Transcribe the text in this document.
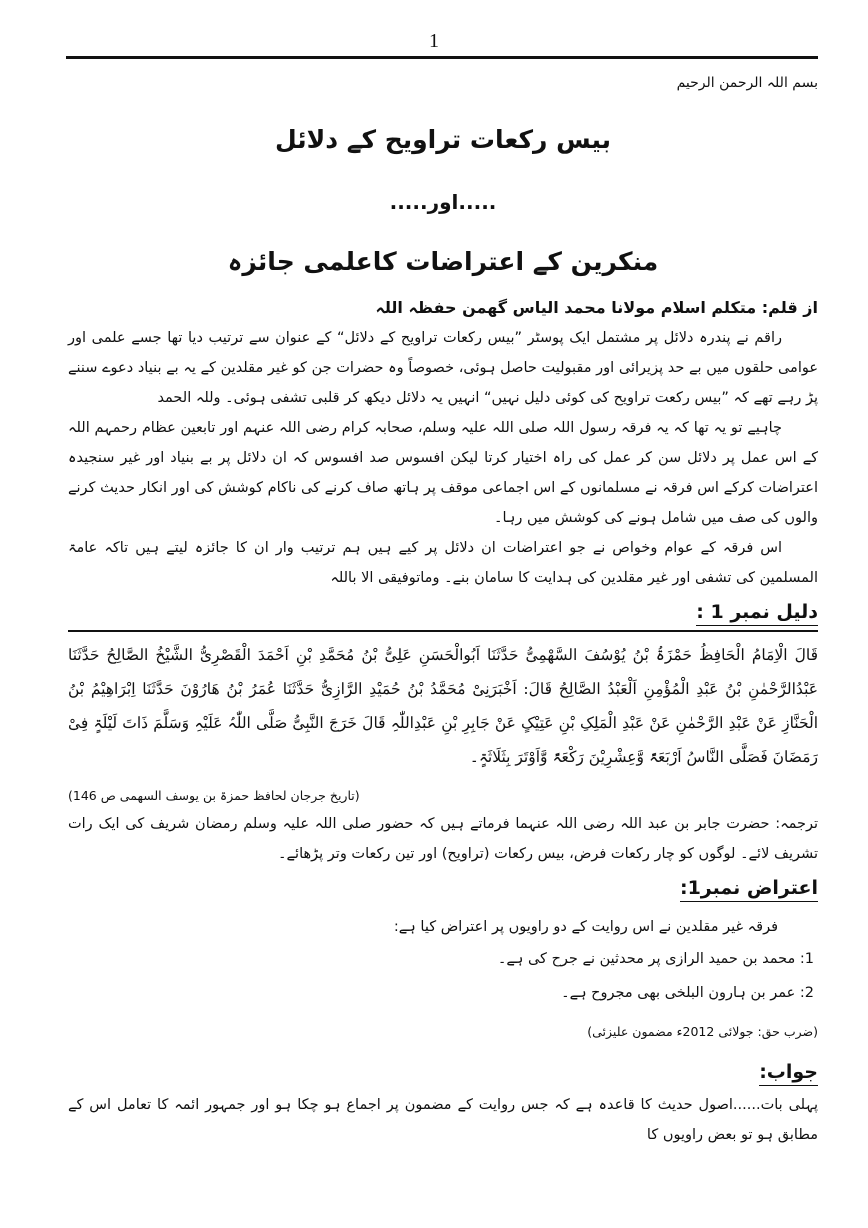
1

بسم اللہ الرحمن الرحیم

بیس رکعات تراویح کے دلائل
.....اور.....
منکرین کے اعتراضات کاعلمی جائزہ
از قلم: متکلم اسلام مولانا محمد الیاس گھمن حفظہ اللہ

راقم نے پندرہ دلائل پر مشتمل ایک پوسٹر ”بیس رکعات تراویح کے دلائل“ کے عنوان سے ترتیب دیا تھا جسے علمی اور عوامی حلقوں میں بے حد پزیرائی اور مقبولیت حاصل ہوئی، خصوصاً وہ حضرات جن کو غیر مقلدین کے یہ بے بنیاد دعوے سننے پڑ رہے تھے کہ ”بیس رکعت تراویح کی کوئی دلیل نہیں“ انہیں یہ دلائل دیکھ کر قلبی تشفی ہوئی۔ وللہ الحمد

چاہیے تو یہ تھا کہ یہ فرقہ رسول اللہ صلی اللہ علیہ وسلم، صحابہ کرام رضی اللہ عنہم اور تابعین عظام رحمہم اللہ کے اس عمل پر دلائل سن کر عمل کی راہ اختیار کرتا لیکن افسوس صد افسوس کہ ان دلائل پر بے بنیاد اور غیر سنجیدہ اعتراضات کرکے اس فرقہ نے مسلمانوں کے اس اجماعی موقف پر ہاتھ صاف کرنے کی ناکام کوشش کی اور انکار حدیث کرنے والوں کی صف میں شامل ہونے کی کوشش میں رہا۔

اس فرقہ کے عوام وخواص نے جو اعتراضات ان دلائل پر کیے ہیں ہم ترتیب وار ان کا جائزہ لیتے ہیں تاکہ عامۃ المسلمین کی تشفی اور غیر مقلدین کی ہدایت کا سامان بنے۔ وماتوفیقی الا باللہ

دلیل نمبر 1 :

قَالَ الْاِمَامُ الْحَافِظُ حَمْزَۃُ بْنُ یُوْسُفَ السَّھْمِیُّ حَدَّثَنَا اَبُوالْحَسَنِ عَلِیُّ بْنُ مُحَمَّدِ بْنِ اَحْمَدَ الْقَصْرِیُّ الشَّیْخُ الصَّالِحُ حَدَّثَنَا عَبْدُالرَّحْمٰنِ بْنُ عَبْدِ الْمُؤْمِنِ اَلْعَبْدُ الصَّالِحُ قَالَ: اَخْبَرَنِیْ مُحَمَّدُ بْنُ حُمَیْدِ الرَّازِیُّ حَدَّثَنَا عُمَرُ بْنُ ھَارُوْنَ حَدَّثَنَا اِبْرَاھِیْمُ بْنُ الْحَنَّازِ عَنْ عَبْدِ الرَّحْمٰنِ عَنْ عَبْدِ الْمَلِکِ بْنِ عَتِیْکٍ عَنْ جَابِرِ بْنِ عَبْدِاللّٰہِ قَالَ خَرَجَ النَّبِیُّ صَلَّی اللّٰہُ عَلَیْہِ وَسَلَّمَ ذَاتَ لَیْلَۃٍ فِیْ رَمَضَانَ فَصَلَّی النَّاسُ اَرْبَعَۃً وَّعِشْرِیْنَ رَکْعَۃً وَّاَوْتَرَ بِثَلَاثَۃٍ۔

(تاریخ جرجان لحافظ حمزۃ بن یوسف السھمی ص 146)

ترجمہ: حضرت جابر بن عبد اللہ رضی اللہ عنہما فرماتے ہیں کہ حضور صلی اللہ علیہ وسلم رمضان شریف کی ایک رات تشریف لائے۔ لوگوں کو چار رکعات فرض، بیس رکعات (تراویح) اور تین رکعات وتر پڑھائے۔

اعتراض نمبر1:

فرقہ غیر مقلدین نے اس روایت کے دو راویوں پر اعتراض کیا ہے:

1: محمد بن حمید الرازی پر محدثین نے جرح کی ہے۔
2: عمر بن ہارون البلخی بھی مجروح ہے۔

(ضرب حق: جولائی 2012ء مضمون علیزئی)

جواب:

پہلی بات......اصول حدیث کا قاعدہ ہے کہ جس روایت کے مضمون پر اجماع ہو چکا ہو اور جمہور ائمہ کا تعامل اس کے مطابق ہو تو بعض راویوں کا
